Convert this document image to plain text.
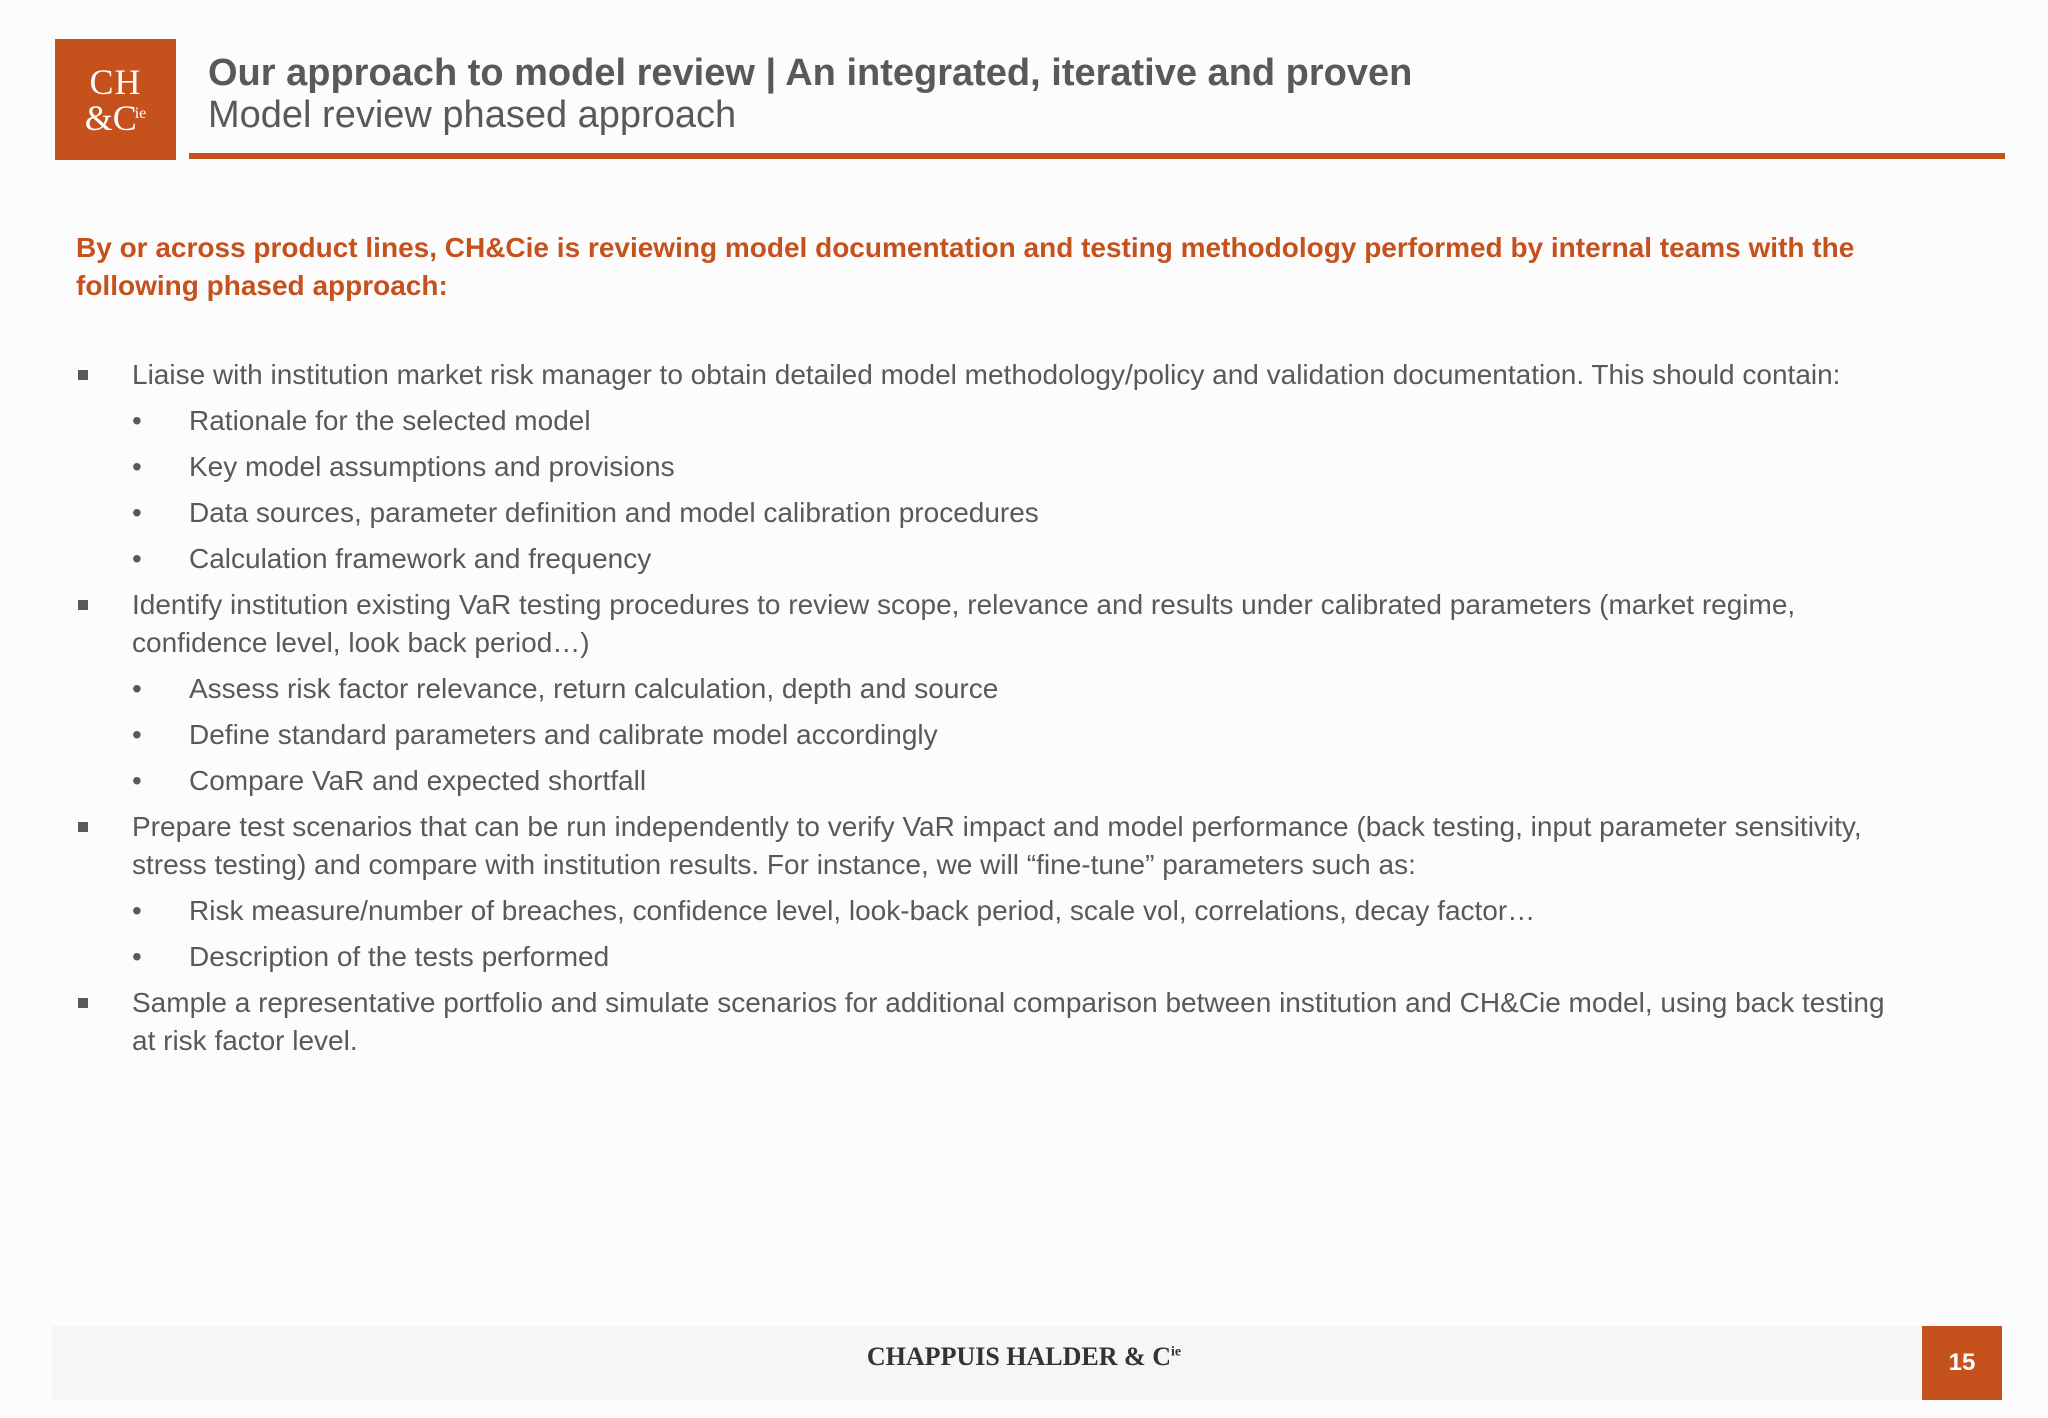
CH
$\&C^{ie}$
Our approach to model review | An integrated, iterative and proven
Model review phased approach
By or across product lines, CH&Cie is reviewing model documentation and testing methodology performed by internal teams with the following phased approach:
Liaise with institution market risk manager to obtain detailed model methodology/policy and validation documentation. This should contain:
• Rationale for the selected model
• Key model assumptions and provisions
• Data sources, parameter definition and model calibration procedures
• Calculation framework and frequency
Identify institution existing VaR testing procedures to review scope, relevance and results under calibrated parameters (market regime, confidence level, look back period…)
• Assess risk factor relevance, return calculation, depth and source
• Define standard parameters and calibrate model accordingly
• Compare VaR and expected shortfall
Prepare test scenarios that can be run independently to verify VaR impact and model performance (back testing, input parameter sensitivity, stress testing) and compare with institution results. For instance, we will “fine-tune” parameters such as:
• Risk measure/number of breaches, confidence level, look-back period, scale vol, correlations, decay factor…
• Description of the tests performed
Sample a representative portfolio and simulate scenarios for additional comparison between institution and CH&Cie model, using back testing at risk factor level.
CHAPPUIS HALDER & $C^{ie}$	15
